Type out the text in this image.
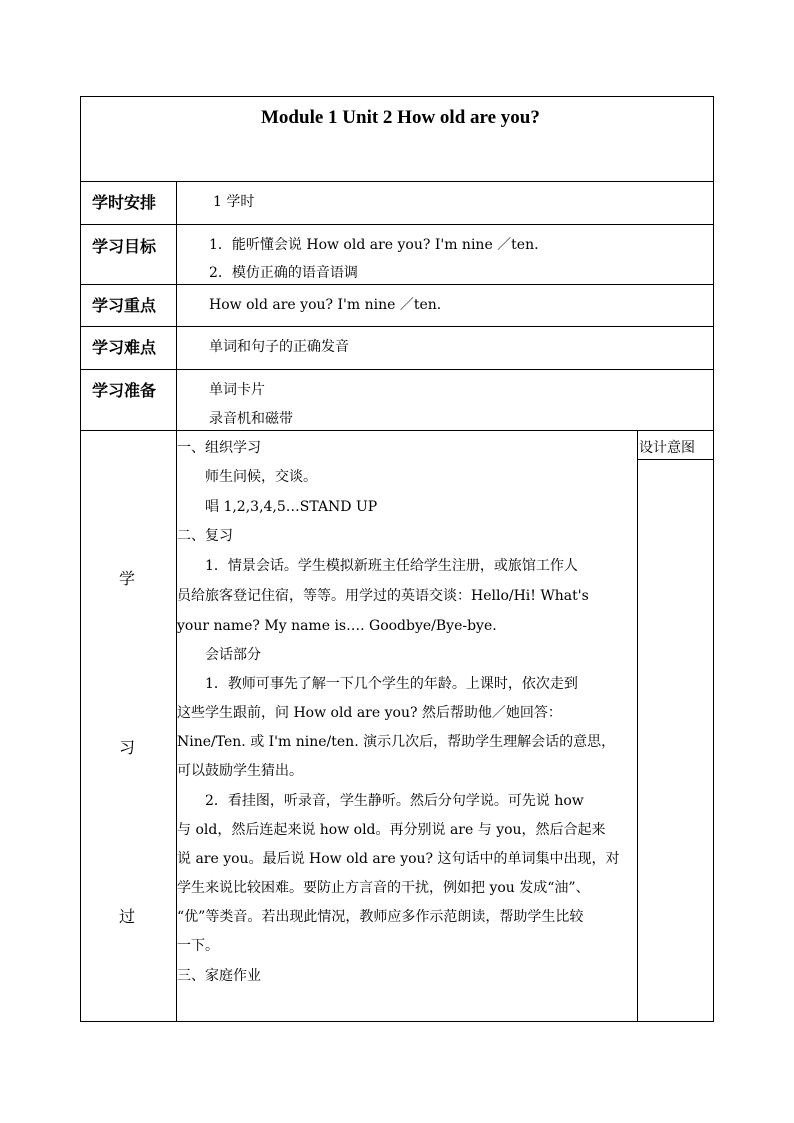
Module 1 Unit 2 How old are you?
学时安排
学习目标
学习重点
学习难点
学习准备
1 学时
1．能听懂会说 How old are you? I'm nine ／ten.
2．模仿正确的语音语调
How old are you? I'm nine ／ten.
单词和句子的正确发音
单词卡片
录音机和磁带
学
习
过
设计意图
一、组织学习
　　师生问候，交谈。
　　唱 1,2,3,4,5…STAND UP
二、复习
　　1．情景会话。学生模拟新班主任给学生注册，或旅馆工作人
员给旅客登记住宿，等等。用学过的英语交谈：Hello/Hi! What's
your name? My name is…. Goodbye/Bye-bye.
　　会话部分
　　1．教师可事先了解一下几个学生的年龄。上课时，依次走到
这些学生跟前，问 How old are you? 然后帮助他／她回答：
Nine/Ten. 或 I'm nine/ten. 演示几次后，帮助学生理解会话的意思，
可以鼓励学生猜出。
　　2．看挂图，听录音，学生静听。然后分句学说。可先说 how
与 old，然后连起来说 how old。再分别说 are 与 you，然后合起来
说 are you。最后说 How old are you? 这句话中的单词集中出现，对
学生来说比较困难。要防止方言音的干扰，例如把 you 发成“油”、
“优”等类音。若出现此情况，教师应多作示范朗读，帮助学生比较
一下。
三、家庭作业
